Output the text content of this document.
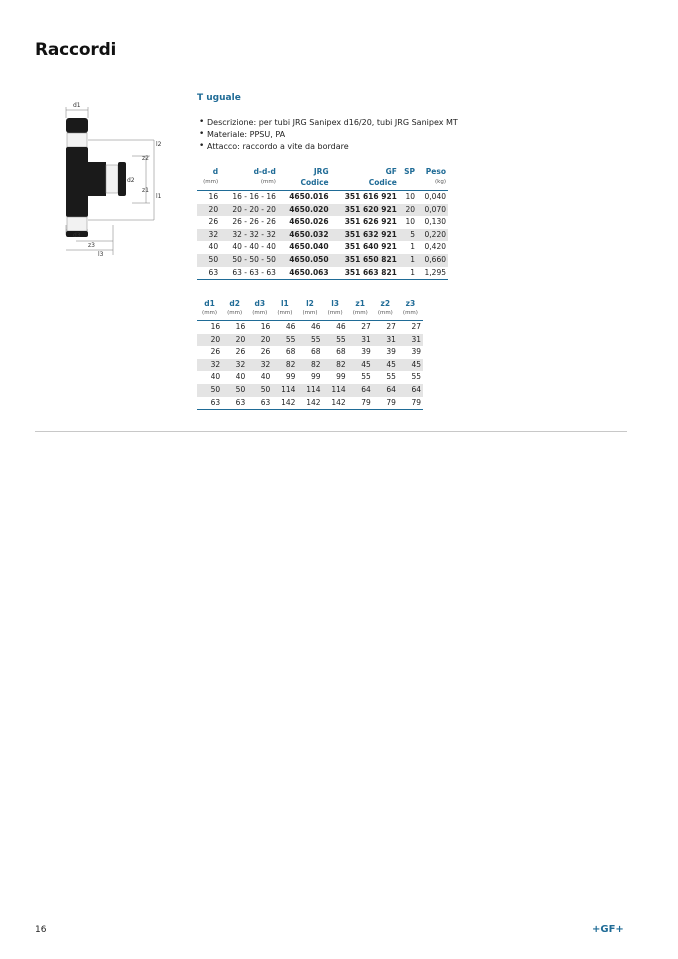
Raccordi
d1
l2
z2
d2
z1
l1
d3
z3
l3
T uguale
• Descrizione: per tubi JRG Sanipex d16/20, tubi JRG Sanipex MT
• Materiale: PPSU, PA
• Attacco: raccordo a vite da bordare
d	d-d-d	JRG	GF	SP	Peso
(mm)	(mm)	Codice	Codice		(kg)
16	16 - 16 - 16	4650.016	351 616 921	10	0,040
20	20 - 20 - 20	4650.020	351 620 921	20	0,070
26	26 - 26 - 26	4650.026	351 626 921	10	0,130
32	32 - 32 - 32	4650.032	351 632 921	5	0,220
40	40 - 40 - 40	4650.040	351 640 921	1	0,420
50	50 - 50 - 50	4650.050	351 650 821	1	0,660
63	63 - 63 - 63	4650.063	351 663 821	1	1,295
d1	d2	d3	l1	l2	l3	z1	z2	z3
(mm)	(mm)	(mm)	(mm)	(mm)	(mm)	(mm)	(mm)	(mm)
16	16	16	46	46	46	27	27	27
20	20	20	55	55	55	31	31	31
26	26	26	68	68	68	39	39	39
32	32	32	82	82	82	45	45	45
40	40	40	99	99	99	55	55	55
50	50	50	114	114	114	64	64	64
63	63	63	142	142	142	79	79	79
16	+GF+
